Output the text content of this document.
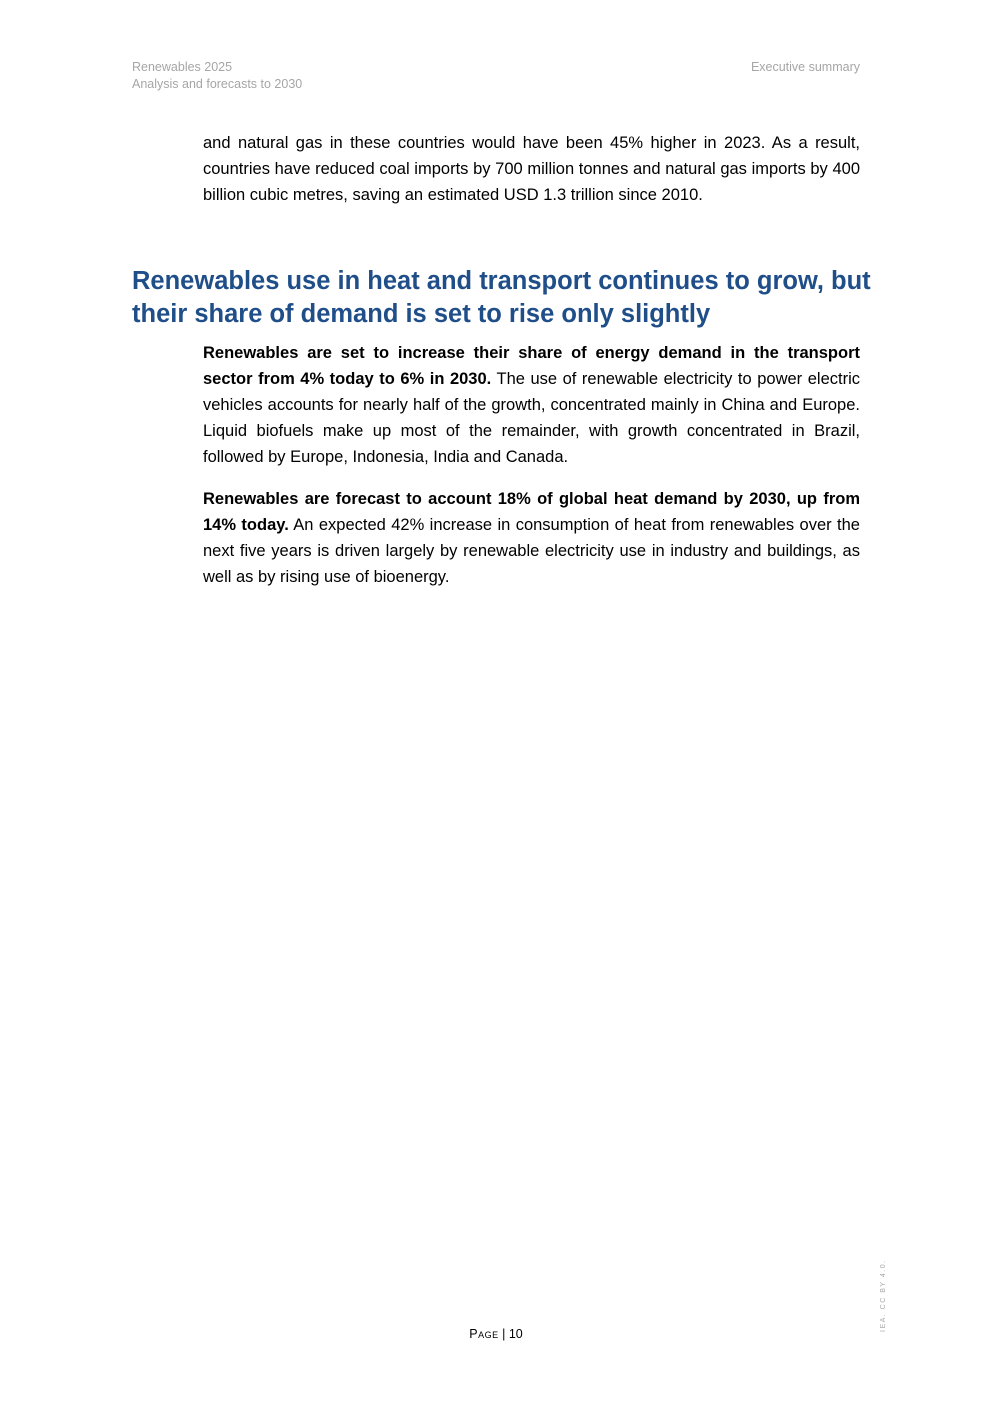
Renewables 2025
Analysis and forecasts to 2030
Executive summary

and natural gas in these countries would have been 45% higher in 2023. As a result, countries have reduced coal imports by 700 million tonnes and natural gas imports by 400 billion cubic metres, saving an estimated USD 1.3 trillion since 2010.

Renewables use in heat and transport continues to grow, but their share of demand is set to rise only slightly

Renewables are set to increase their share of energy demand in the transport sector from 4% today to 6% in 2030. The use of renewable electricity to power electric vehicles accounts for nearly half of the growth, concentrated mainly in China and Europe. Liquid biofuels make up most of the remainder, with growth concentrated in Brazil, followed by Europe, Indonesia, India and Canada.

Renewables are forecast to account 18% of global heat demand by 2030, up from 14% today. An expected 42% increase in consumption of heat from renewables over the next five years is driven largely by renewable electricity use in industry and buildings, as well as by rising use of bioenergy.

IEA. CC BY 4.0.
Page | 10
